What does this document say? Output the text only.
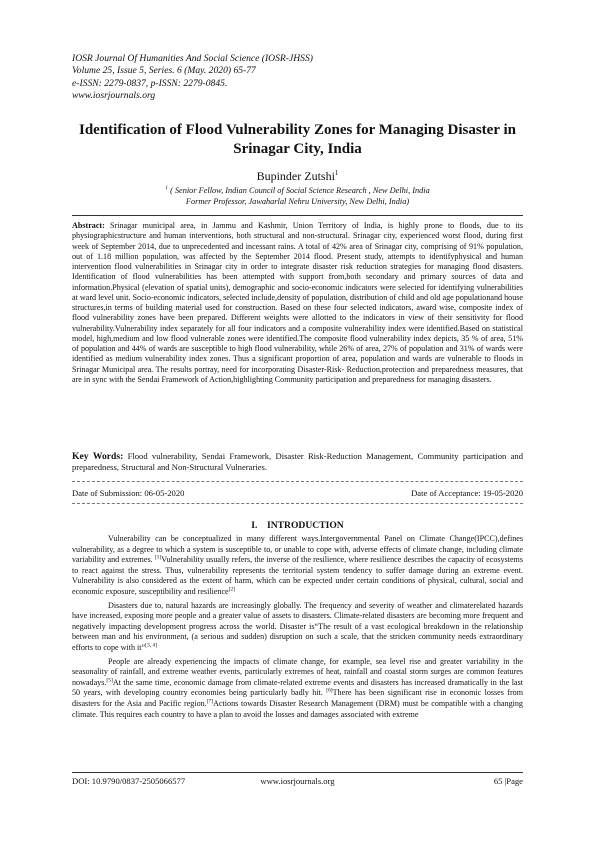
IOSR Journal Of Humanities And Social Science (IOSR-JHSS)
Volume 25, Issue 5, Series. 6 (May. 2020) 65-77
e-ISSN: 2279-0837, p-ISSN: 2279-0845.
www.iosrjournals.org
Identification of Flood Vulnerability Zones for Managing Disaster in Srinagar City, India
Bupinder Zutshi$^1$
$^1$ ( Senior Fellow, Indian Council of Social Science Research , New Delhi, India
Former Professor, Jawaharlal Nehru University, New Delhi, India)
Abstract: Srinagar municipal area, in Jammu and Kashmir, Union Territory of India, is highly prone to floods, due to its physiographicstructure and human interventions, both structural and non-structural. Srinagar city, experienced worst flood, during first week of September 2014, due to unprecedented and incessant rains. A total of 42% area of Srinagar city, comprising of 91% population, out of 1.18 million population, was affected by the September 2014 flood. Present study, attempts to identifyphysical and human intervention flood vulnerabilities in Srinagar city in order to integrate disaster risk reduction strategies for managing flood disasters. Identification of flood vulnerabilities has been attempted with support from,both secondary and primary sources of data and information.Physical (elevation of spatial units), demographic and socio-economic indicators were selected for identifying vulnerabilities at ward level unit. Socio-economic indicators, selected include,density of population, distribution of child and old age populationand house structures,in terms of building material used for construction. Based on these four selected indicators, award wise, composite index of flood vulnerability zones have been prepared. Different weights were allotted to the indicators in view of their sensitivity for flood vulnerability.Vulnerability index separately for all four indicators and a composite vulnerability index were identified.Based on statistical model, high,medium and low flood vulnerable zones were identified.The composite flood vulnerability index depicts, 35 % of area, 51% of population and 44% of wards are susceptible to high flood vulnerability, while 26% of area, 27% of population and 31% of wards were identified as medium vulnerability index zones. Thus a significant proportion of area, population and wards are vulnerable to floods in Srinagar Municipal area. The results portray, need for incorporating Disaster-Risk- Reduction,protection and preparedness measures, that are in sync with the Sendai Framework of Action,highlighting Community participation and preparedness for managing disasters.
Key Words: Flood vulnerability, Sendai Framework, Disaster Risk-Reduction Management, Community participation and preparedness, Structural and Non-Structural Vulneraries.
Date of Submission: 06-05-2020	Date of Acceptance: 19-05-2020
I.    INTRODUCTION

Vulnerability can be conceptualized in many different ways.Intergovernmental Panel on Climate Change(IPCC),defines vulnerability, as a degree to which a system is susceptible to, or unable to cope with, adverse effects of climate change, including climate variability and extremes. [1]Vulnerability usually refers, the inverse of the resilience, where resilience describes the capacity of ecosystems to react against the stress. Thus, vulnerability represents the territorial system tendency to suffer damage during an extreme event. Vulnerability is also considered as the extent of harm, which can be expected under certain conditions of physical, cultural, social and economic exposure, susceptibility and resilience[2]

Disasters due to, natural hazards are increasingly globally. The frequency and severity of weather and climaterelated hazards have increased, exposing more people and a greater value of assets to disasters. Climate-related disasters are becoming more frequent and negatively impacting development progress across the world. Disaster is“The result of a vast ecological breakdown in the relationship between man and his environment, (a serious and sudden) disruption on such a scale, that the stricken community needs extraordinary efforts to cope with it”[3, 4]

People are already experiencing the impacts of climate change, for example, sea level rise and greater variability in the seasonality of rainfall, and extreme weather events, particularly extremes of heat, rainfall and coastal storm surges are common features nowadays.[5]At the same time, economic damage from climate-related extreme events and disasters has increased dramatically in the last 50 years, with developing country economies being particularly badly hit. [6]There has been significant rise in economic losses from disasters for the Asia and Pacific region.[7]Actions towards Disaster Research Management (DRM) must be compatible with a changing climate. This requires each country to have a plan to avoid the losses and damages associated with extreme

DOI: 10.9790/0837-2505066577	www.iosrjournals.org	65 |Page
